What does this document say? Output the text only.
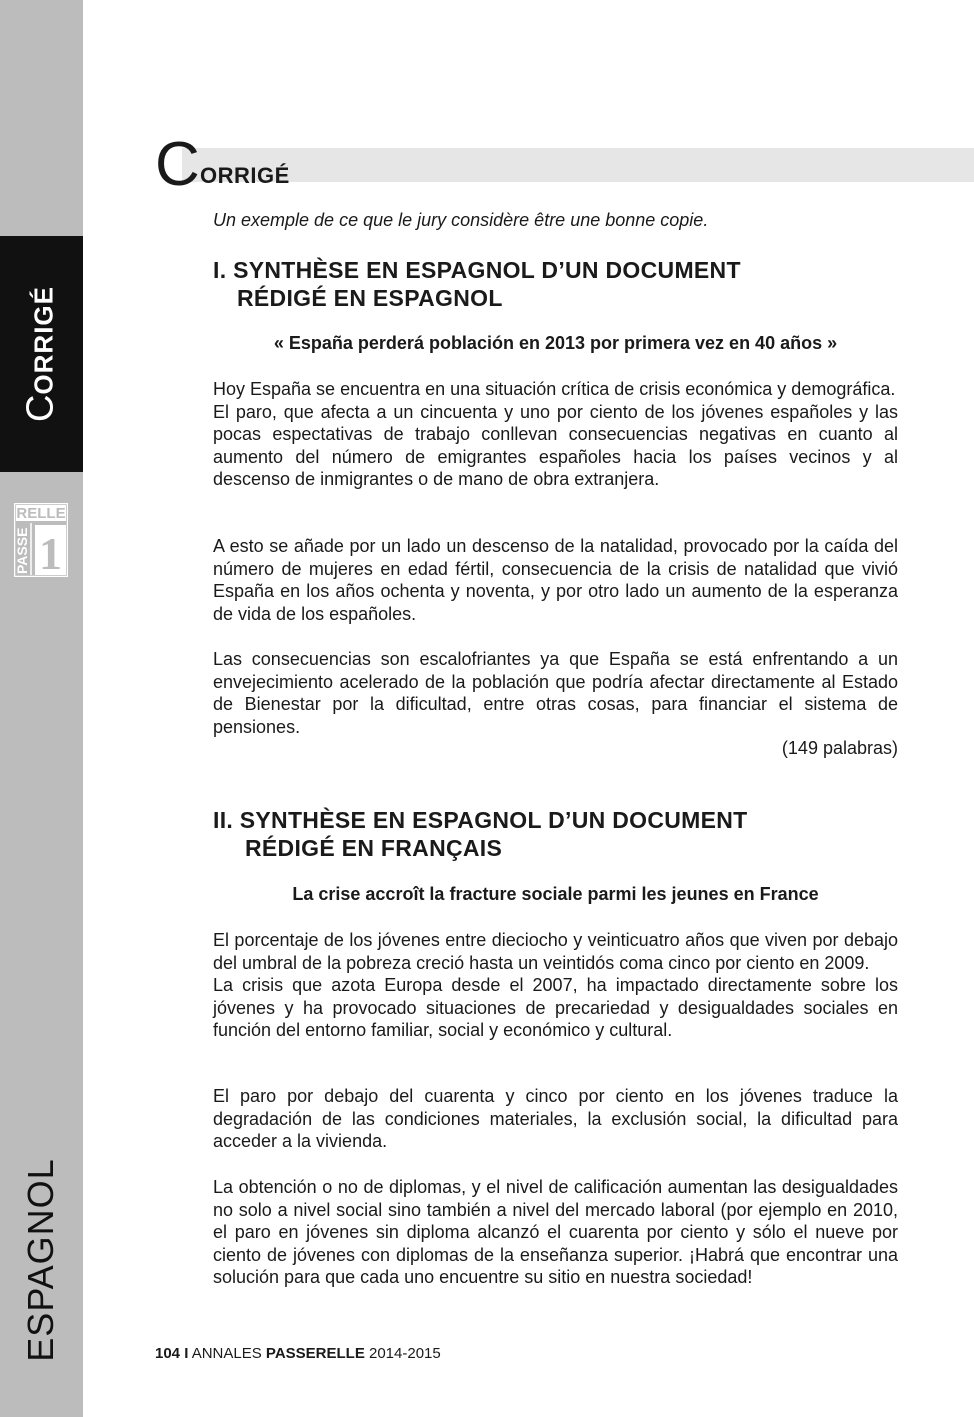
CORRIGÉ
RELLE
PASSE 1
ESPAGNOL
C ORRIGÉ
Un exemple de ce que le jury considère être une bonne copie.
I. SYNTHÈSE EN ESPAGNOL D’UN DOCUMENT
RÉDIGÉ EN ESPAGNOL
« España perderá población en 2013 por primera vez en 40 años »

Hoy España se encuentra en una situación crítica de crisis económica y demográfica.

El paro, que afecta a un cincuenta y uno por ciento de los jóvenes españoles y las pocas espectativas de trabajo conllevan consecuencias negativas en cuanto al aumento del número de emigrantes españoles hacia los países vecinos y al descenso de inmigrantes o de mano de obra extranjera.

A esto se añade por un lado un descenso de la natalidad, provocado por la caída del número de mujeres en edad fértil, consecuencia de la crisis de natalidad que vivió España en los años ochenta y noventa, y por otro lado un aumento de la esperanza de vida de los españoles.

Las consecuencias son escalofriantes ya que España se está enfrentando a un envejecimiento acelerado de la población que podría afectar directamente al Estado de Bienestar por la dificultad, entre otras cosas, para financiar el sistema de pensiones.

(149 palabras)
II. SYNTHÈSE EN ESPAGNOL D’UN DOCUMENT
RÉDIGÉ EN FRANÇAIS
La crise accroît la fracture sociale parmi les jeunes en France

El porcentaje de los jóvenes entre dieciocho y veinticuatro años que viven por debajo del umbral de la pobreza creció hasta un veintidós coma cinco por ciento en 2009.

La crisis que azota Europa desde el 2007, ha impactado directamente sobre los jóvenes y ha provocado situaciones de precariedad y desigualdades sociales en función del entorno familiar, social y económico y cultural.

El paro por debajo del cuarenta y cinco por ciento en los jóvenes traduce la degradación de las condiciones materiales, la exclusión social, la dificultad para acceder a la vivienda.

La obtención o no de diplomas, y el nivel de calificación aumentan las desigualdades no solo a nivel social sino también a nivel del mercado laboral (por ejemplo en 2010, el paro en jóvenes sin diploma alcanzó el cuarenta por ciento y sólo el nueve por ciento de jóvenes con diplomas de la enseñanza superior. ¡Habrá que encontrar una solución para que cada uno encuentre su sitio en nuestra sociedad!

104 I ANNALES PASSERELLE 2014-2015
